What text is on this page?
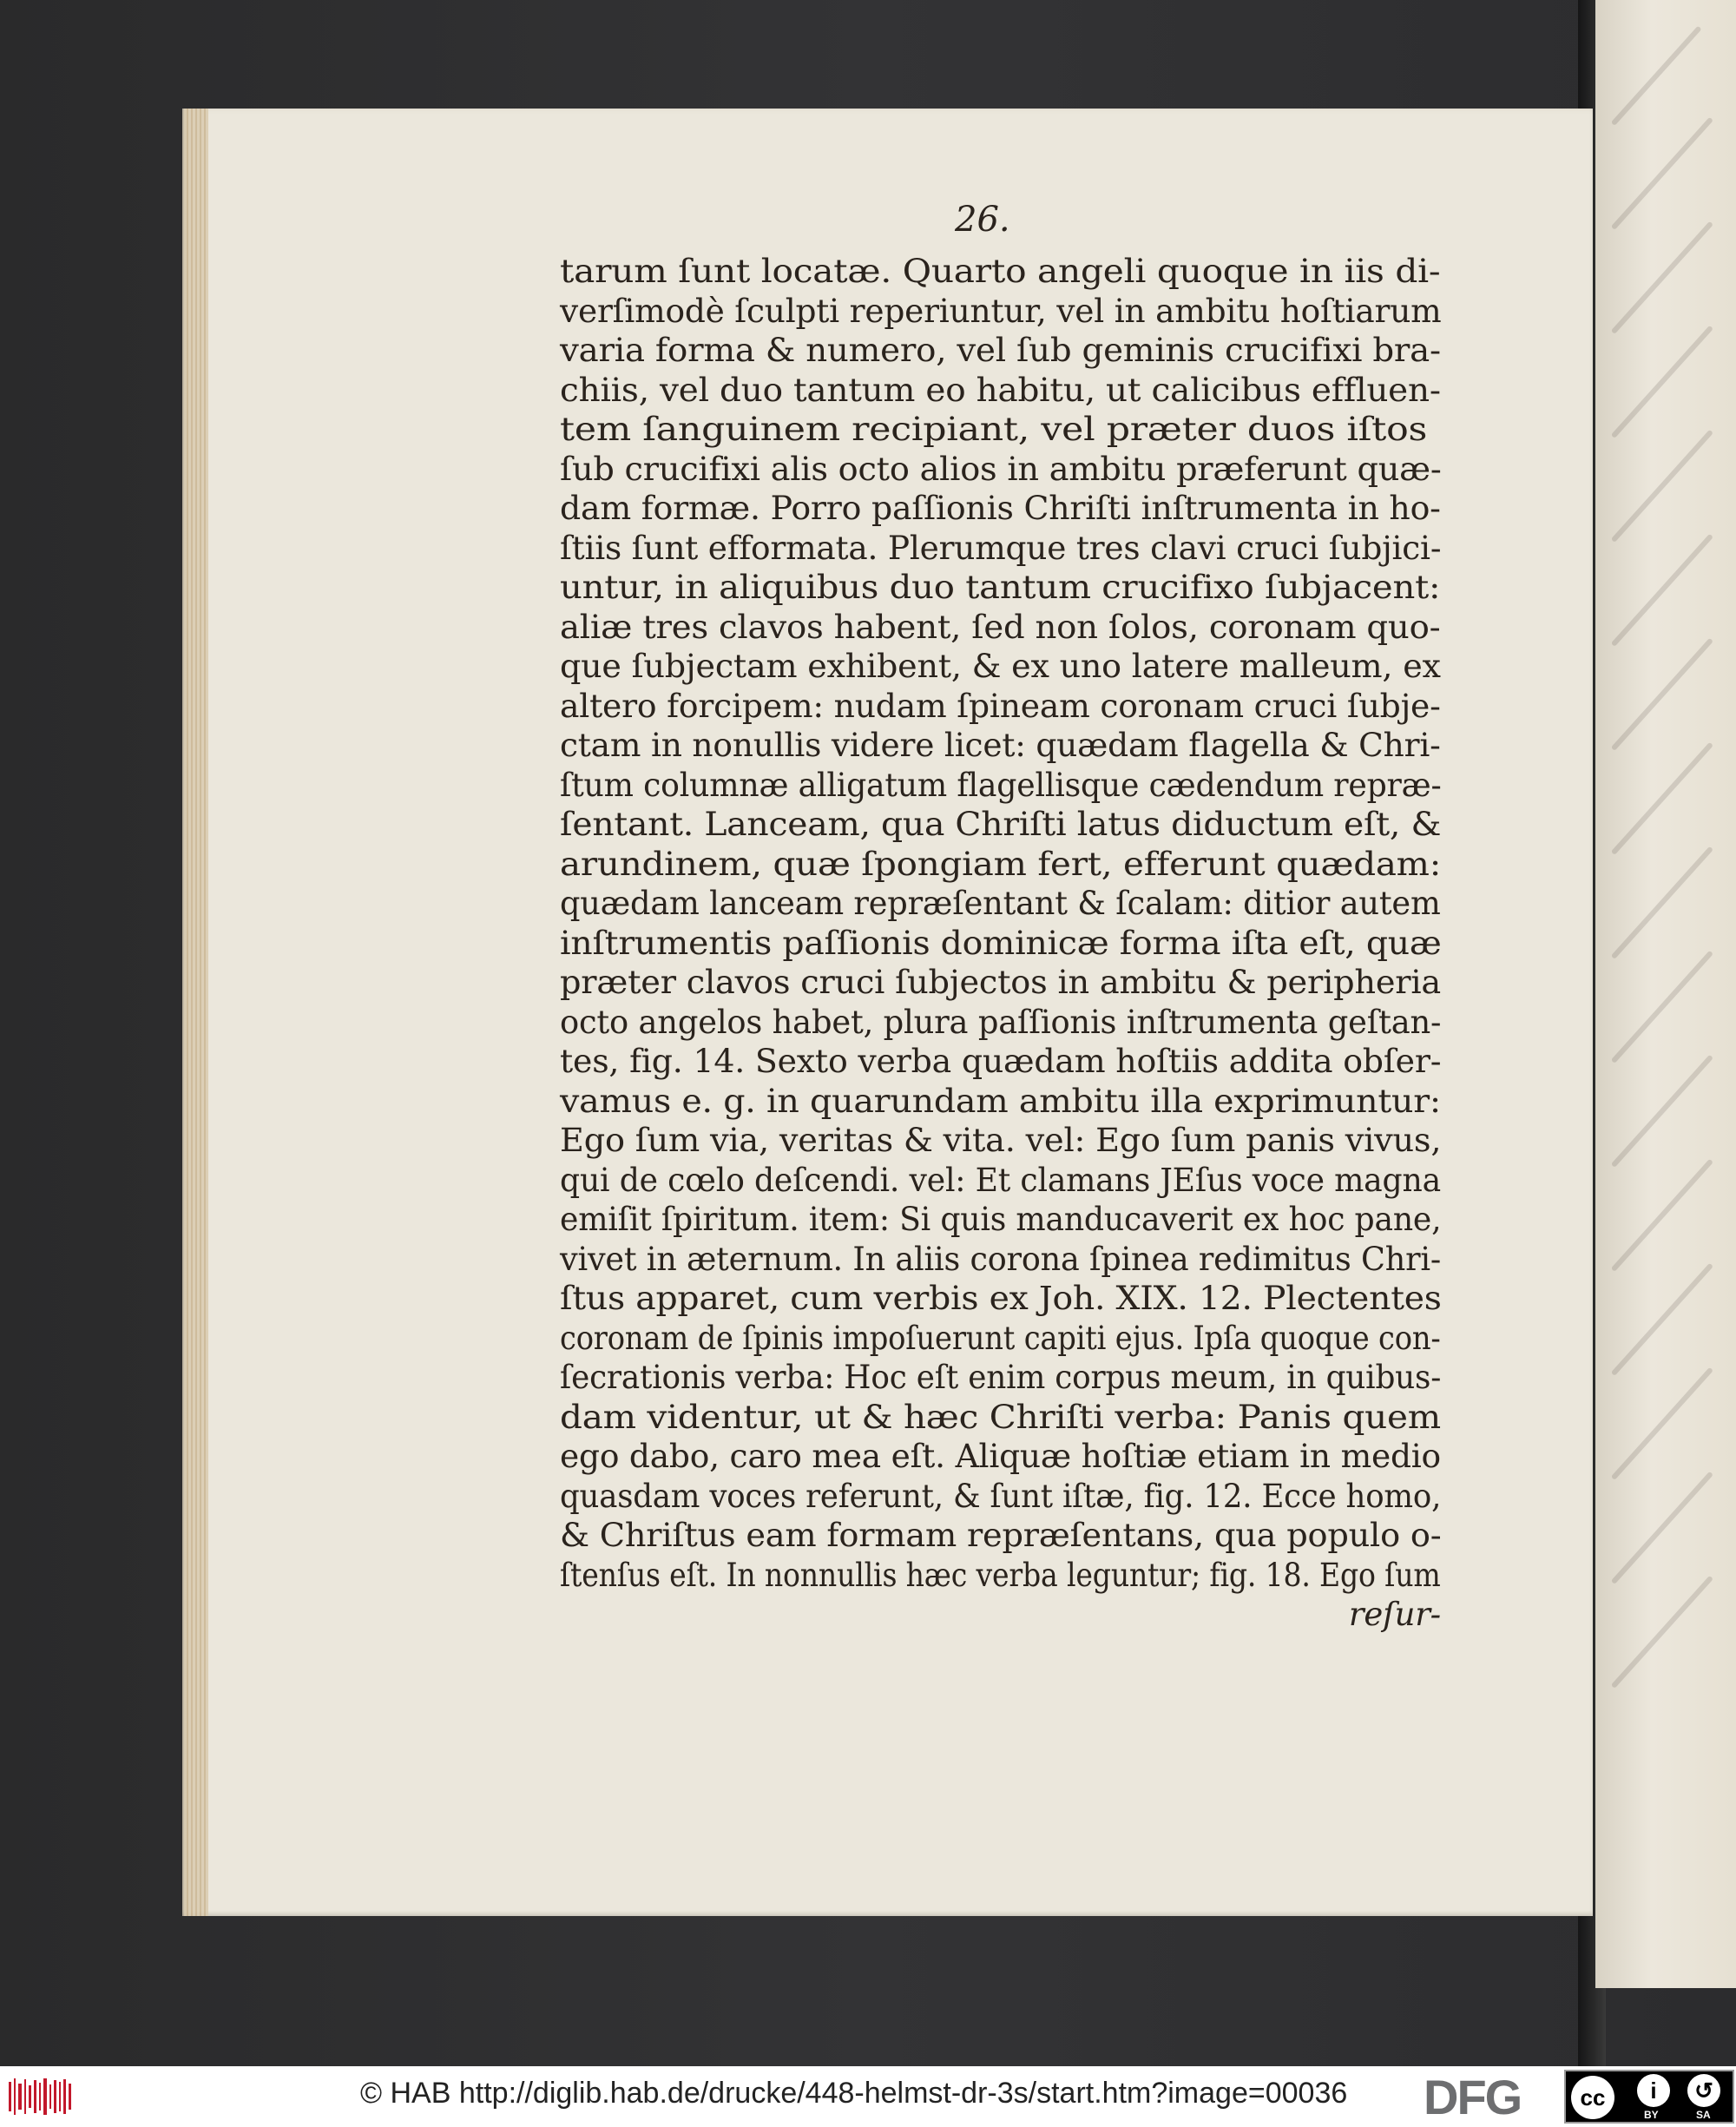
26.
tarum ſunt locatæ. Quarto angeli quoque in iis di-
verſimodè ſculpti reperiuntur, vel in ambitu hoſtiarum
varia forma & numero, vel ſub geminis crucifixi bra-
chiis, vel duo tantum eo habitu, ut calicibus effluen-
tem ſanguinem recipiant, vel præter duos iſtos
ſub crucifixi alis octo alios in ambitu præferunt quæ-
dam formæ. Porro paſſionis Chriſti inſtrumenta in ho-
ſtiis ſunt efformata. Plerumque tres clavi cruci ſubjici-
untur, in aliquibus duo tantum crucifixo ſubjacent:
aliæ tres clavos habent, ſed non ſolos, coronam quo-
que ſubjectam exhibent, & ex uno latere malleum, ex
altero forcipem: nudam ſpineam coronam cruci ſubje-
ctam in nonullis videre licet: quædam flagella & Chri-
ſtum columnæ alligatum flagellisque cædendum repræ-
ſentant. Lanceam, qua Chriſti latus diductum eſt, &
arundinem, quæ ſpongiam fert, efferunt quædam:
quædam lanceam repræſentant & ſcalam: ditior autem
inſtrumentis paſſionis dominicæ forma iſta eſt, quæ
præter clavos cruci ſubjectos in ambitu & peripheria
octo angelos habet, plura paſſionis inſtrumenta geſtan-
tes, fig. 14. Sexto verba quædam hoſtiis addita obſer-
vamus e. g. in quarundam ambitu illa exprimuntur:
Ego ſum via, veritas & vita. vel: Ego ſum panis vivus,
qui de cœlo deſcendi. vel: Et clamans JEſus voce magna
emiſit ſpiritum. item: Si quis manducaverit ex hoc pane,
vivet in æternum. In aliis corona ſpinea redimitus Chri-
ſtus apparet, cum verbis ex Joh. XIX. 12. Plectentes
coronam de ſpinis impoſuerunt capiti ejus. Ipſa quoque con-
ſecrationis verba: Hoc eſt enim corpus meum, in quibus-
dam videntur, ut & hæc Chriſti verba: Panis quem
ego dabo, caro mea eſt. Aliquæ hoſtiæ etiam in medio
quasdam voces referunt, & ſunt iſtæ, fig. 12. Ecce homo,
& Chriſtus eam formam repræſentans, qua populo o-
ſtenſus eſt. In nonnullis hæc verba leguntur; fig. 18. Ego ſum
reſur-
© HAB http://diglib.hab.de/drucke/448-helmst-dr-3s/start.htm?image=00036 DFG	cc	i	↺
BY	SA
